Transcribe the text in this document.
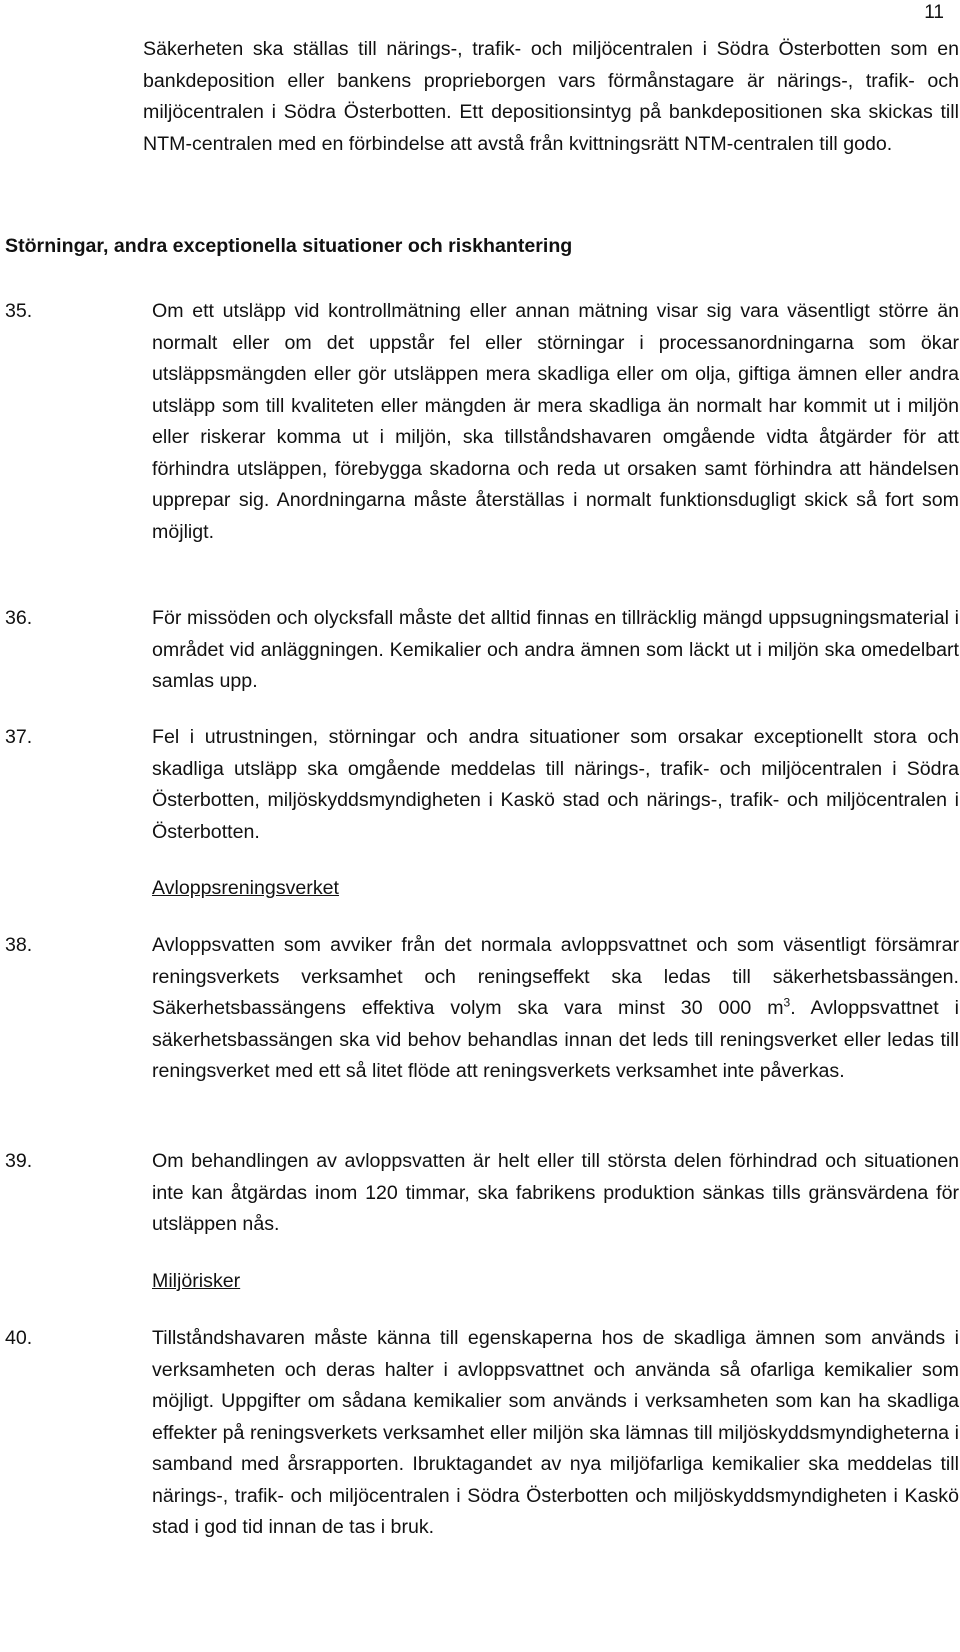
11
Säkerheten ska ställas till närings-, trafik- och miljöcentralen i Södra Österbotten som en bankdeposition eller bankens proprieborgen vars förmånstagare är närings-, trafik- och miljöcentralen i Södra Österbotten. Ett depositionsintyg på bankdepositionen ska skickas till NTM-centralen med en förbindelse att avstå från kvittningsrätt NTM-centralen till godo.
Störningar, andra exceptionella situationer och riskhantering
35.	Om ett utsläpp vid kontrollmätning eller annan mätning visar sig vara väsentligt större än normalt eller om det uppstår fel eller störningar i processanordningarna som ökar utsläppsmängden eller gör utsläppen mera skadliga eller om olja, giftiga ämnen eller andra utsläpp som till kvaliteten eller mängden är mera skadliga än normalt har kommit ut i miljön eller riskerar komma ut i miljön, ska tillståndshavaren omgående vidta åtgärder för att förhindra utsläppen, förebygga skadorna och reda ut orsaken samt förhindra att händelsen upprepar sig. Anordningarna måste återställas i normalt funktionsdugligt skick så fort som möjligt.
36.	För missöden och olycksfall måste det alltid finnas en tillräcklig mängd uppsugningsmaterial i området vid anläggningen. Kemikalier och andra ämnen som läckt ut i miljön ska omedelbart samlas upp.
37.	Fel i utrustningen, störningar och andra situationer som orsakar exceptionellt stora och skadliga utsläpp ska omgående meddelas till närings-, trafik- och miljöcentralen i Södra Österbotten, miljöskyddsmyndigheten i Kaskö stad och närings-, trafik- och miljöcentralen i Österbotten.
Avloppsreningsverket
38.	Avloppsvatten som avviker från det normala avloppsvattnet och som väsentligt försämrar reningsverkets verksamhet och reningseffekt ska ledas till säkerhetsbassängen. Säkerhetsbassängens effektiva volym ska vara minst 30 000 $m^3$. Avloppsvattnet i säkerhetsbassängen ska vid behov behandlas innan det leds till reningsverket eller ledas till reningsverket med ett så litet flöde att reningsverkets verksamhet inte påverkas.
39.	Om behandlingen av avloppsvatten är helt eller till största delen förhindrad och situationen inte kan åtgärdas inom 120 timmar, ska fabrikens produktion sänkas tills gränsvärdena för utsläppen nås.
Miljörisker
40.	Tillståndshavaren måste känna till egenskaperna hos de skadliga ämnen som används i verksamheten och deras halter i avloppsvattnet och använda så ofarliga kemikalier som möjligt. Uppgifter om sådana kemikalier som används i verksamheten som kan ha skadliga effekter på reningsverkets verksamhet eller miljön ska lämnas till miljöskyddsmyndigheterna i samband med årsrapporten. Ibruktagandet av nya miljöfarliga kemikalier ska meddelas till närings-, trafik- och miljöcentralen i Södra Österbotten och miljöskyddsmyndigheten i Kaskö stad i god tid innan de tas i bruk.
